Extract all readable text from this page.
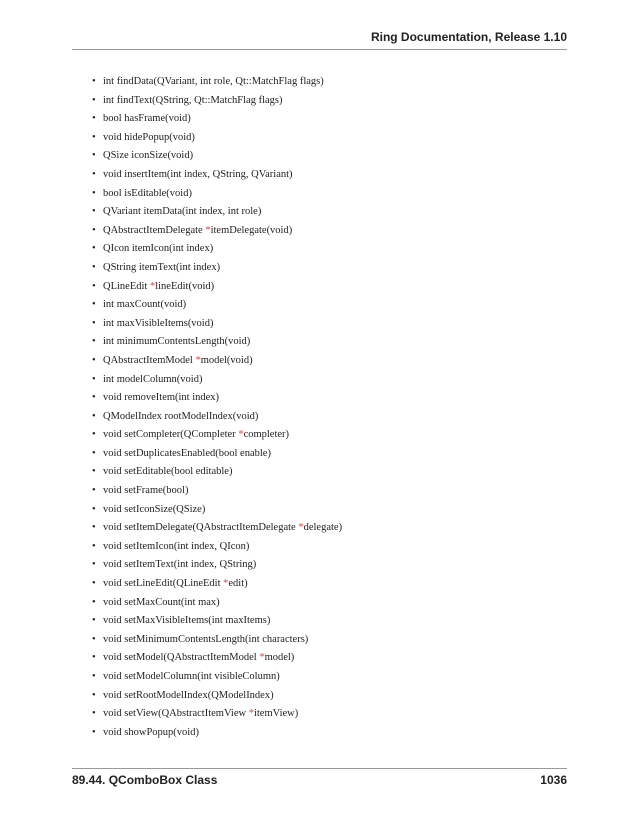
Ring Documentation, Release 1.10
• int findData(QVariant, int role, Qt::MatchFlag flags)
• int findText(QString, Qt::MatchFlag flags)
• bool hasFrame(void)
• void hidePopup(void)
• QSize iconSize(void)
• void insertItem(int index, QString, QVariant)
• bool isEditable(void)
• QVariant itemData(int index, int role)
• QAbstractItemDelegate *itemDelegate(void)
• QIcon itemIcon(int index)
• QString itemText(int index)
• QLineEdit *lineEdit(void)
• int maxCount(void)
• int maxVisibleItems(void)
• int minimumContentsLength(void)
• QAbstractItemModel *model(void)
• int modelColumn(void)
• void removeItem(int index)
• QModelIndex rootModelIndex(void)
• void setCompleter(QCompleter *completer)
• void setDuplicatesEnabled(bool enable)
• void setEditable(bool editable)
• void setFrame(bool)
• void setIconSize(QSize)
• void setItemDelegate(QAbstractItemDelegate *delegate)
• void setItemIcon(int index, QIcon)
• void setItemText(int index, QString)
• void setLineEdit(QLineEdit *edit)
• void setMaxCount(int max)
• void setMaxVisibleItems(int maxItems)
• void setMinimumContentsLength(int characters)
• void setModel(QAbstractItemModel *model)
• void setModelColumn(int visibleColumn)
• void setRootModelIndex(QModelIndex)
• void setView(QAbstractItemView *itemView)
• void showPopup(void)
89.44. QComboBox Class	1036
